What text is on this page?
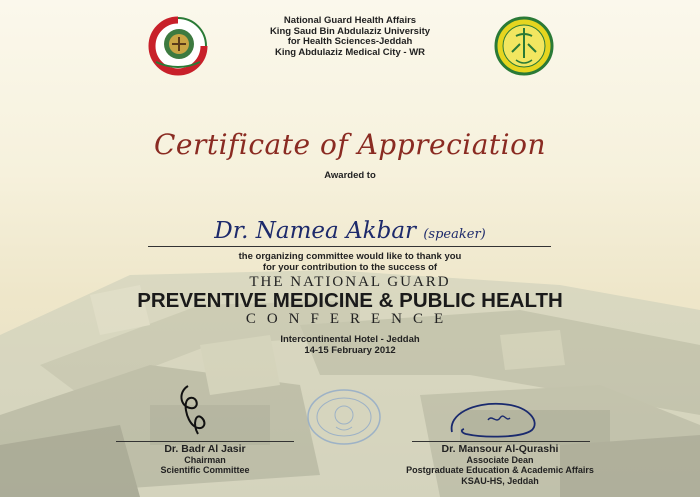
National Guard Health Affairs
King Saud Bin Abdulaziz University
for Health Sciences-Jeddah
King Abdulaziz Medical City - WR
Certificate of Appreciation
Awarded to
Dr. Namea Akbar (speaker)
the organizing committee would like to thank you
for your contribution to the success of
THE NATIONAL GUARD
PREVENTIVE MEDICINE & PUBLIC HEALTH
CONFERENCE
Intercontinental Hotel - Jeddah
14-15 February 2012
Dr. Badr Al Jasir
Chairman
Scientific Committee
Dr. Mansour Al-Qurashi
Associate Dean
Postgraduate Education & Academic Affairs
KSAU-HS, Jeddah
